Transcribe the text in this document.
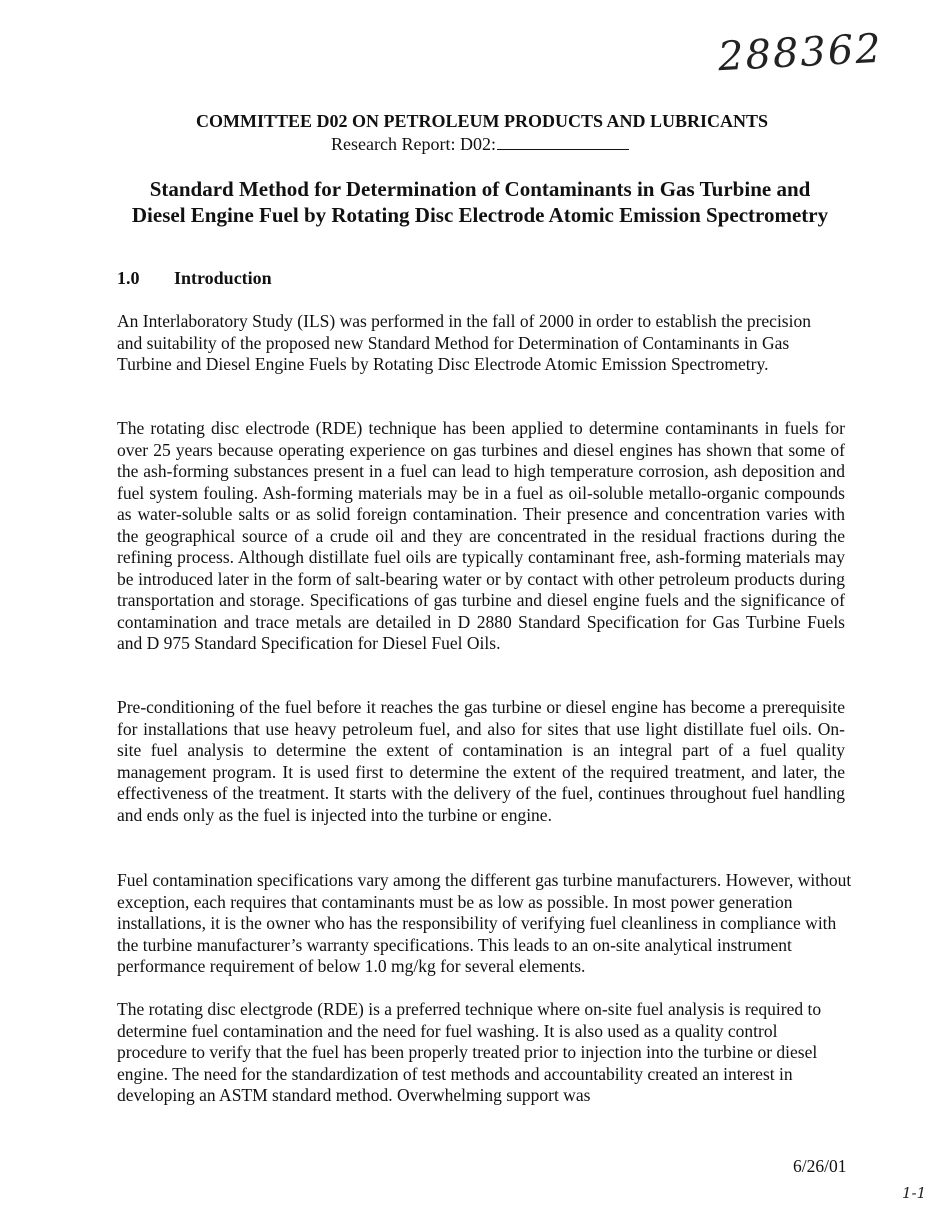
288362
COMMITTEE D02 ON PETROLEUM PRODUCTS AND LUBRICANTS
Research Report: D02:
Standard Method for Determination of Contaminants in Gas Turbine and
Diesel Engine Fuel by Rotating Disc Electrode Atomic Emission Spectrometry
1.0 Introduction

An Interlaboratory Study (ILS) was performed in the fall of 2000 in order to establish the precision and suitability of the proposed new Standard Method for Determination of Contaminants in Gas Turbine and Diesel Engine Fuels by Rotating Disc Electrode Atomic Emission Spectrometry.

The rotating disc electrode (RDE) technique has been applied to determine contaminants in fuels for over 25 years because operating experience on gas turbines and diesel engines has shown that some of the ash-forming substances present in a fuel can lead to high temperature corrosion, ash deposition and fuel system fouling. Ash-forming materials may be in a fuel as oil-soluble metallo-organic compounds as water-soluble salts or as solid foreign contamination. Their presence and concentration varies with the geographical source of a crude oil and they are concentrated in the residual fractions during the refining process. Although distillate fuel oils are typically contaminant free, ash-forming materials may be introduced later in the form of salt-bearing water or by contact with other petroleum products during transportation and storage. Specifications of gas turbine and diesel engine fuels and the significance of contamination and trace metals are detailed in D 2880 Standard Specification for Gas Turbine Fuels and D 975 Standard Specification for Diesel Fuel Oils.

Pre-conditioning of the fuel before it reaches the gas turbine or diesel engine has become a prerequisite for installations that use heavy petroleum fuel, and also for sites that use light distillate fuel oils. On-site fuel analysis to determine the extent of contamination is an integral part of a fuel quality management program. It is used first to determine the extent of the required treatment, and later, the effectiveness of the treatment. It starts with the delivery of the fuel, continues throughout fuel handling and ends only as the fuel is injected into the turbine or engine.

Fuel contamination specifications vary among the different gas turbine manufacturers. However, without exception, each requires that contaminants must be as low as possible. In most power generation installations, it is the owner who has the responsibility of verifying fuel cleanliness in compliance with the turbine manufacturer’s warranty specifications. This leads to an on-site analytical instrument performance requirement of below 1.0 mg/kg for several elements.

The rotating disc electgrode (RDE) is a preferred technique where on-site fuel analysis is required to determine fuel contamination and the need for fuel washing. It is also used as a quality control procedure to verify that the fuel has been properly treated prior to injection into the turbine or diesel engine. The need for the standardization of test methods and accountability created an interest in developing an ASTM standard method. Overwhelming support was

6/26/01
1-1
